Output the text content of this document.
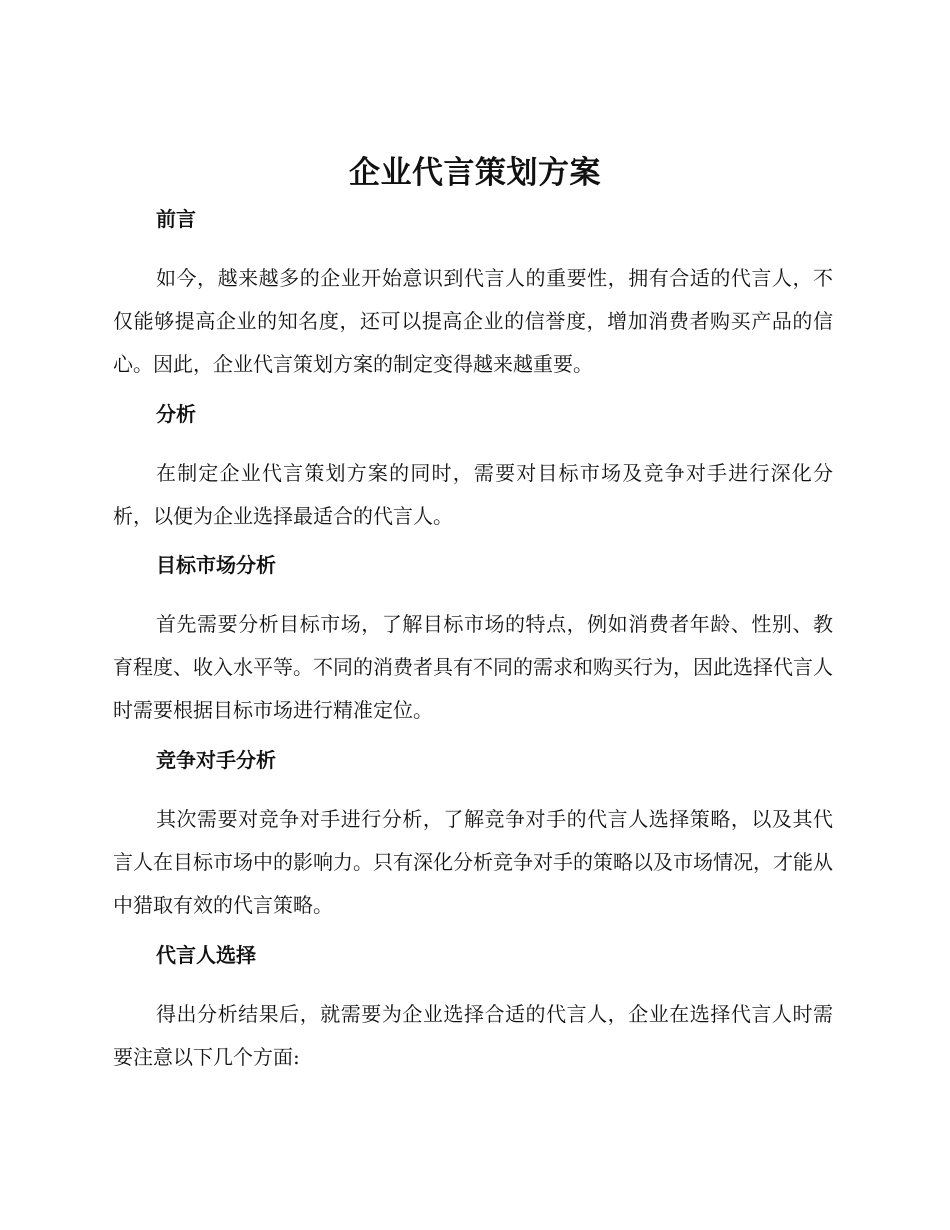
企业代言策划方案
前言

如今，越来越多的企业开始意识到代言人的重要性，拥有合适的代言人，不仅能够提高企业的知名度，还可以提高企业的信誉度，增加消费者购买产品的信心。因此，企业代言策划方案的制定变得越来越重要。

分析

在制定企业代言策划方案的同时，需要对目标市场及竞争对手进行深化分析，以便为企业选择最适合的代言人。

目标市场分析

首先需要分析目标市场，了解目标市场的特点，例如消费者年龄、性别、教育程度、收入水平等。不同的消费者具有不同的需求和购买行为，因此选择代言人时需要根据目标市场进行精准定位。

竞争对手分析

其次需要对竞争对手进行分析，了解竞争对手的代言人选择策略，以及其代言人在目标市场中的影响力。只有深化分析竞争对手的策略以及市场情况，才能从中猎取有效的代言策略。

代言人选择

得出分析结果后，就需要为企业选择合适的代言人，企业在选择代言人时需要注意以下几个方面:
